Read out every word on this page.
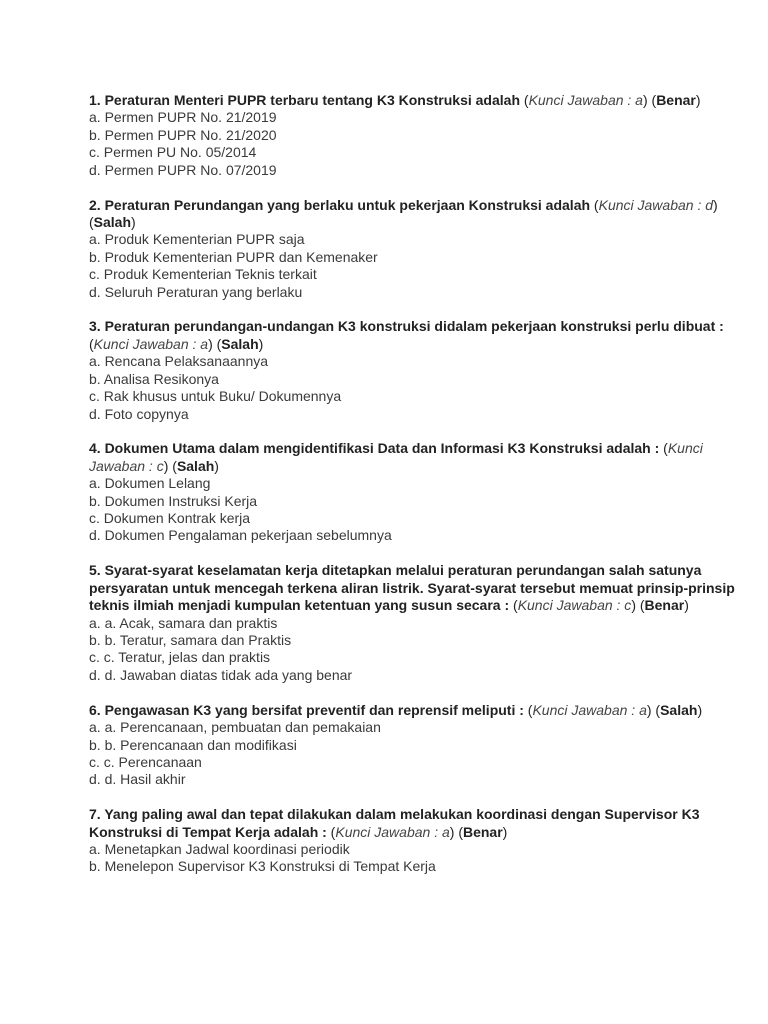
1. Peraturan Menteri PUPR terbaru tentang K3 Konstruksi adalah (Kunci Jawaban : a) (Benar)
a. Permen PUPR No. 21/2019
b. Permen PUPR No. 21/2020
c. Permen PU No. 05/2014
d. Permen PUPR No. 07/2019
2. Peraturan Perundangan yang berlaku untuk pekerjaan Konstruksi adalah (Kunci Jawaban : d) (Salah)
a. Produk Kementerian PUPR saja
b. Produk Kementerian PUPR dan Kemenaker
c. Produk Kementerian Teknis terkait
d. Seluruh Peraturan yang berlaku
3. Peraturan perundangan-undangan K3 konstruksi didalam pekerjaan konstruksi perlu dibuat : (Kunci Jawaban : a) (Salah)
a. Rencana Pelaksanaannya
b. Analisa Resikonya
c. Rak khusus untuk Buku/ Dokumennya
d. Foto copynya
4. Dokumen Utama dalam mengidentifikasi Data dan Informasi K3 Konstruksi adalah : (Kunci Jawaban : c) (Salah)
a. Dokumen Lelang
b. Dokumen Instruksi Kerja
c. Dokumen Kontrak kerja
d. Dokumen Pengalaman pekerjaan sebelumnya
5. Syarat-syarat keselamatan kerja ditetapkan melalui peraturan perundangan salah satunya persyaratan untuk mencegah terkena aliran listrik. Syarat-syarat tersebut memuat prinsip-prinsip teknis ilmiah menjadi kumpulan ketentuan yang susun secara : (Kunci Jawaban : c) (Benar)
a. a. Acak, samara dan praktis
b. b. Teratur, samara dan Praktis
c. c. Teratur, jelas dan praktis
d. d. Jawaban diatas tidak ada yang benar
6. Pengawasan K3 yang bersifat preventif dan reprensif meliputi : (Kunci Jawaban : a) (Salah)
a. a. Perencanaan, pembuatan dan pemakaian
b. b. Perencanaan dan modifikasi
c. c. Perencanaan
d. d. Hasil akhir
7. Yang paling awal dan tepat dilakukan dalam melakukan koordinasi dengan Supervisor K3 Konstruksi di Tempat Kerja adalah : (Kunci Jawaban : a) (Benar)
a. Menetapkan Jadwal koordinasi periodik
b. Menelepon Supervisor K3 Konstruksi di Tempat Kerja
